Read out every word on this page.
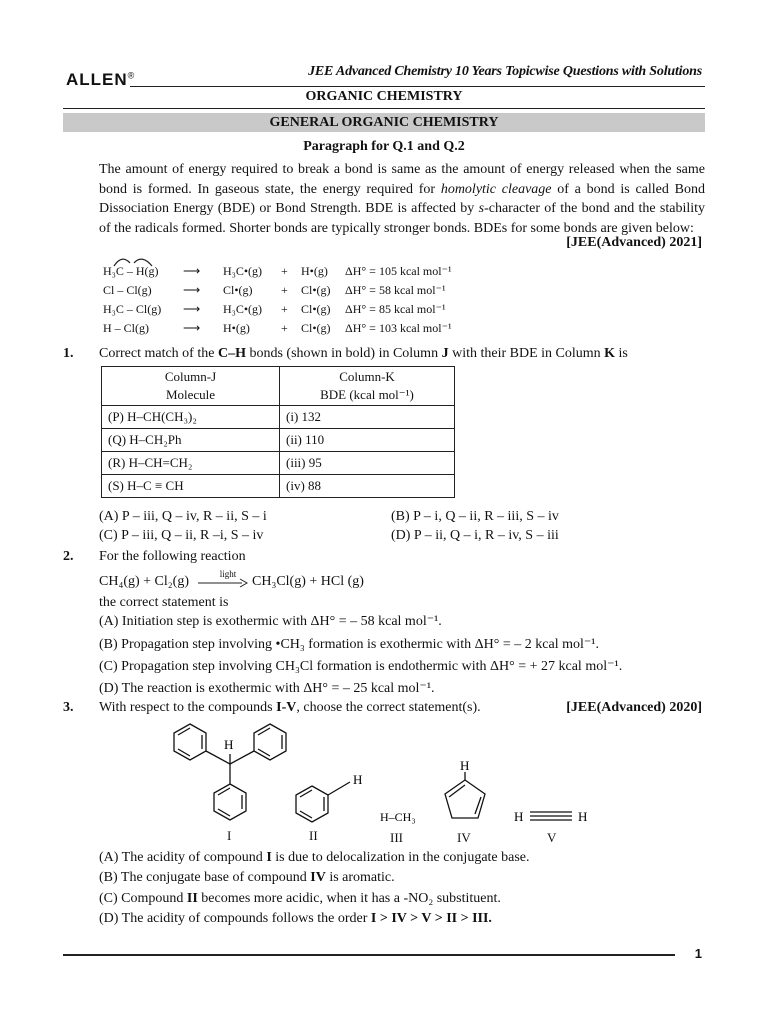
ALLEN®	JEE Advanced Chemistry 10 Years Topicwise Questions with Solutions
ORGANIC CHEMISTRY
GENERAL ORGANIC CHEMISTRY
Paragraph for Q.1 and Q.2
The amount of energy required to break a bond is same as the amount of energy released when the same bond is formed. In gaseous state, the energy required for homolytic cleavage of a bond is called Bond Dissociation Energy (BDE) or Bond Strength. BDE is affected by s-character of the bond and the stability of the radicals formed. Shorter bonds are typically stronger bonds. BDEs for some bonds are given below:
[JEE(Advanced) 2021]
H₃C – H(g) ⟶ H₃C•(g) + H•(g) ΔH° = 105 kcal mol⁻¹
Cl – Cl(g)	⟶ Cl•(g) + Cl•(g) ΔH° = 58 kcal mol⁻¹
H₃C – Cl(g) ⟶ H₃C•(g) + Cl•(g) ΔH° = 85 kcal mol⁻¹
H – Cl(g)	⟶ H•(g)	+ Cl•(g) ΔH° = 103 kcal mol⁻¹
1. Correct match of the C–H bonds (shown in bold) in Column J with their BDE in Column K is
Column-J
Molecule	Column-K
BDE (kcal mol⁻¹)
(P) H–CH(CH₃)₂	(i) 132
(Q) H–CH₂Ph	(ii) 110
(R) H–CH=CH₂	(iii) 95
(S) H–C ≡ CH	(iv) 88
(A) P – iii, Q – iv, R – ii, S – i	(B) P – i, Q – ii, R – iii, S – iv
(C) P – iii, Q – ii, R –i, S – iv	(D) P – ii, Q – i, R – iv, S – iii
2. For the following reaction
CH₄(g) + Cl₂(g)	light → CH₃Cl(g) + HCl (g)
the correct statement is
(A) Initiation step is exothermic with ΔH° = – 58 kcal mol⁻¹.
(B) Propagation step involving •CH₃ formation is exothermic with ΔH° = – 2 kcal mol⁻¹.
(C) Propagation step involving CH₃Cl formation is endothermic with ΔH° = + 27 kcal mol⁻¹.
(D) The reaction is exothermic with ΔH° = – 25 kcal mol⁻¹.
3. With respect to the compounds I-V, choose the correct statement(s).	[JEE(Advanced) 2020]
H
H
H
H	H
H–CH₃
I	II	III	IV	V
(A) The acidity of compound I is due to delocalization in the conjugate base.
(B) The conjugate base of compound IV is aromatic.
(C) Compound II becomes more acidic, when it has a -NO₂ substituent.
(D) The acidity of compounds follows the order I > IV > V > II > III.
1
